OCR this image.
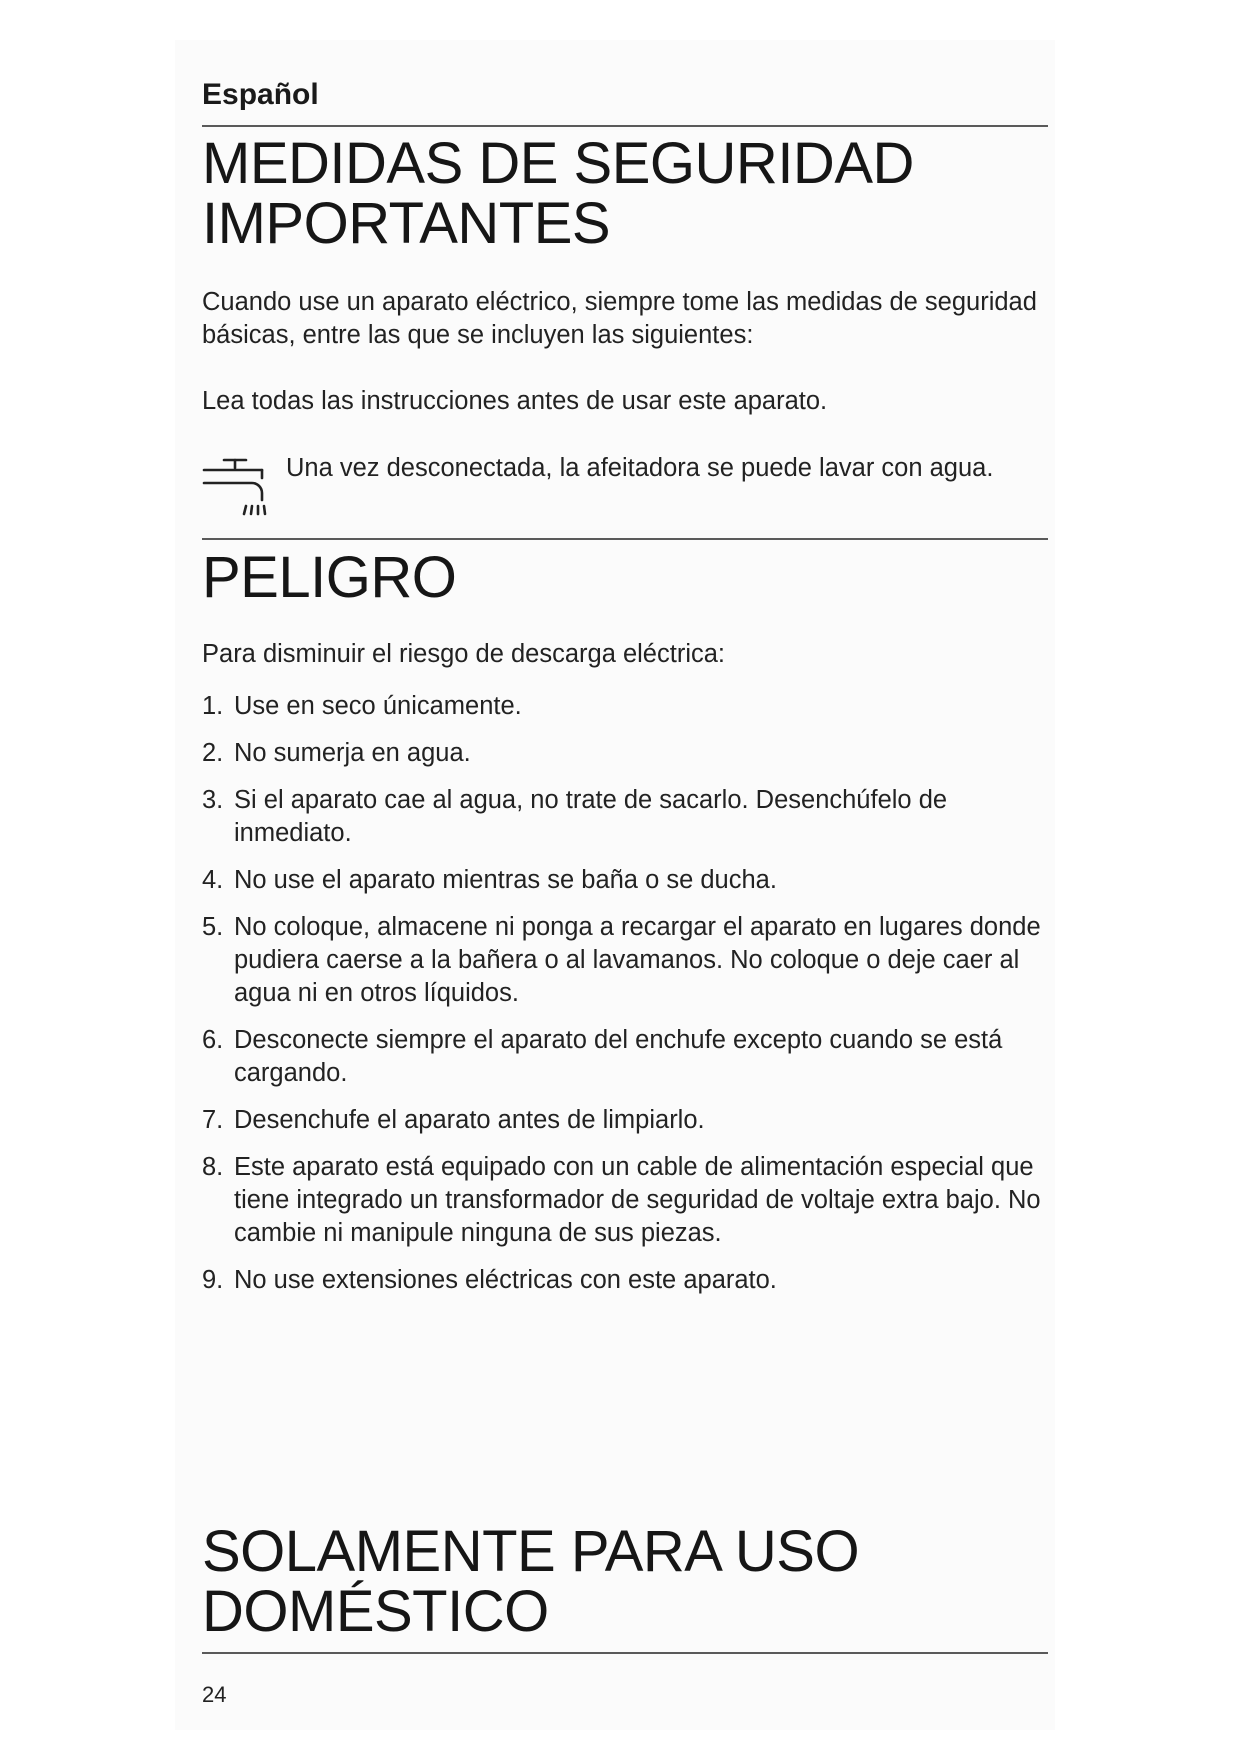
Español
MEDIDAS DE SEGURIDAD
IMPORTANTES

Cuando use un aparato eléctrico, siempre tome las medidas de seguridad básicas, entre las que se incluyen las siguientes:

Lea todas las instrucciones antes de usar este aparato.

Una vez desconectada, la afeitadora se puede lavar con agua.
PELIGRO

Para disminuir el riesgo de descarga eléctrica:

1. Use en seco únicamente.
2. No sumerja en agua.
3. Si el aparato cae al agua, no trate de sacarlo. Desenchúfelo de inmediato.
4. No use el aparato mientras se baña o se ducha.
5. No coloque, almacene ni ponga a recargar el aparato en lugares donde pudiera caerse a la bañera o al lavamanos. No coloque o deje caer al agua ni en otros líquidos.
6. Desconecte siempre el aparato del enchufe excepto cuando se está cargando.
7. Desenchufe el aparato antes de limpiarlo.
8. Este aparato está equipado con un cable de alimentación especial que tiene integrado un transformador de seguridad de voltaje extra bajo. No cambie ni manipule ninguna de sus piezas.
9. No use extensiones eléctricas con este aparato.
SOLAMENTE PARA USO
DOMÉSTICO
24
